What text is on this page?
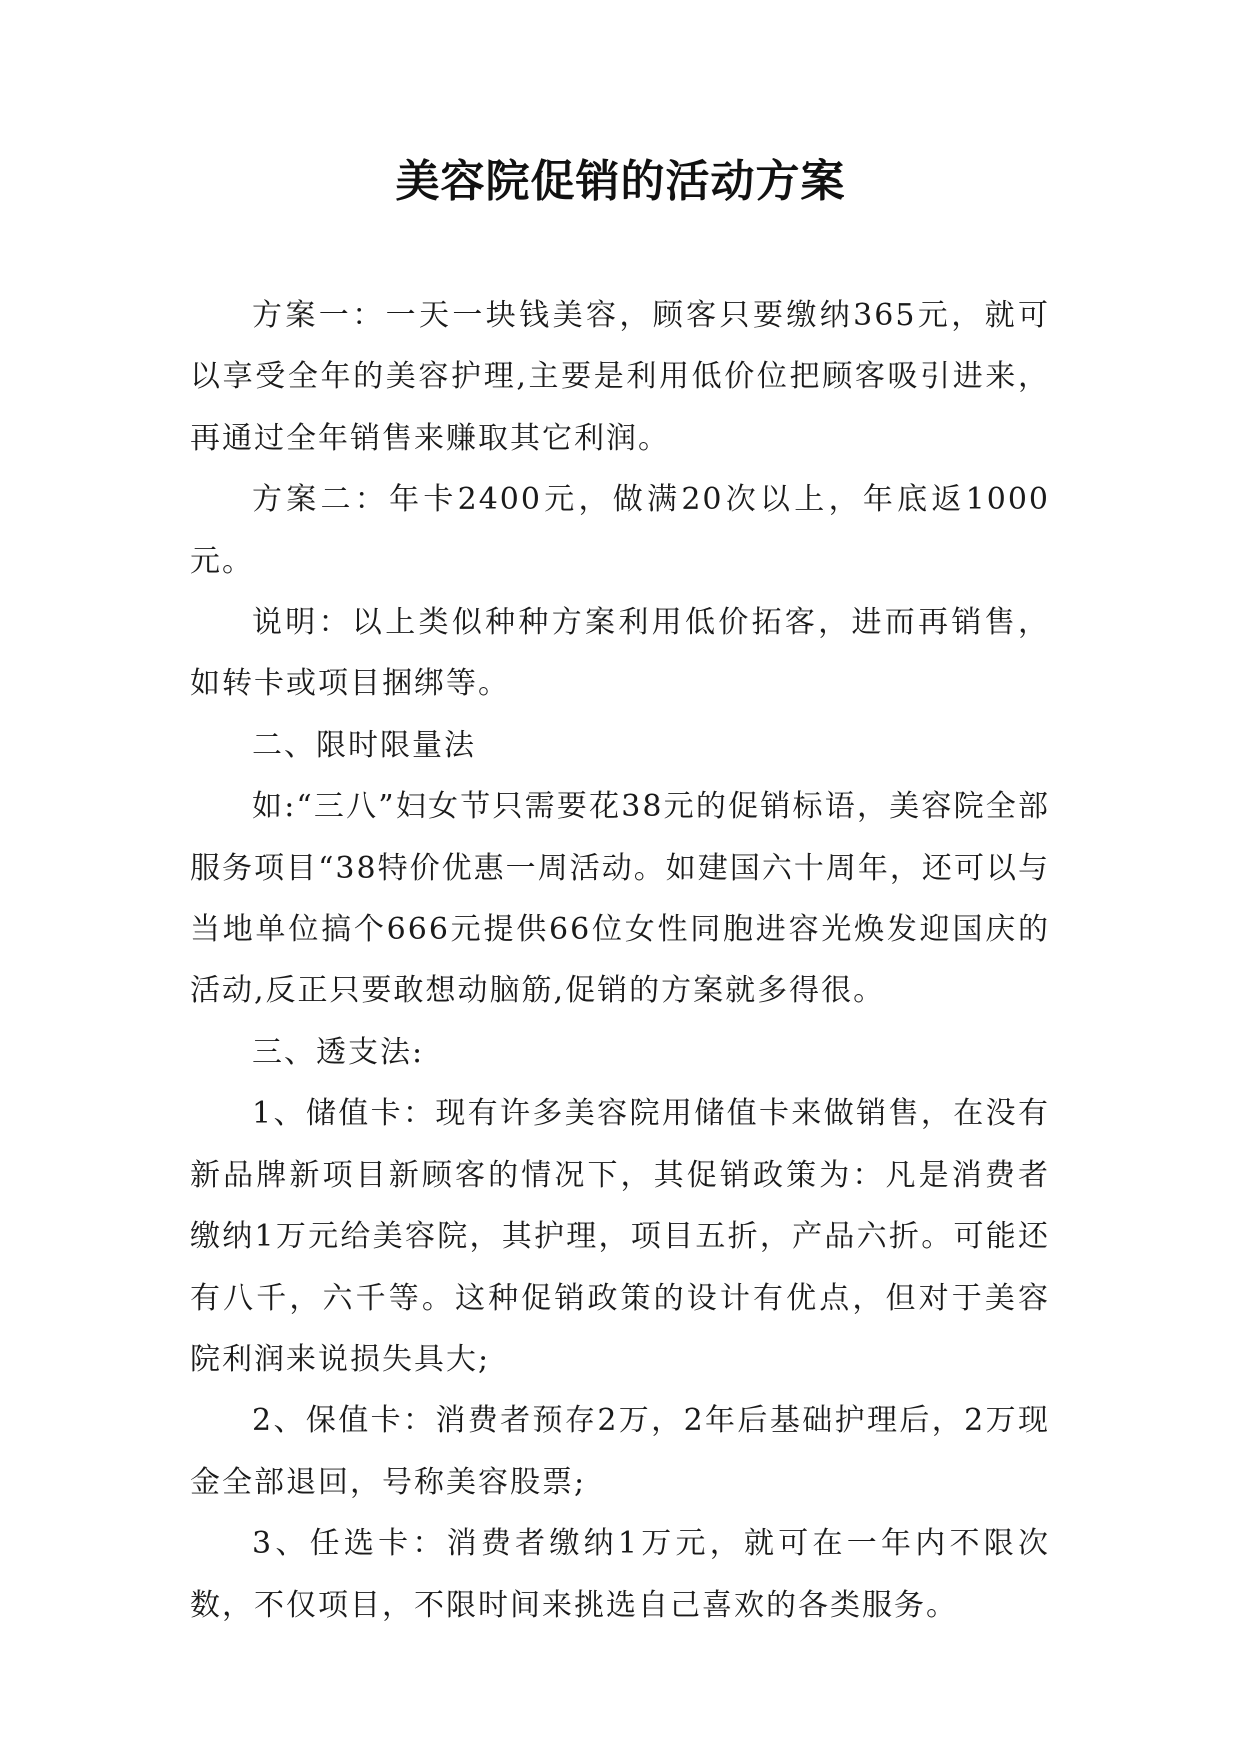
美容院促销的活动方案

方案一：一天一块钱美容，顾客只要缴纳365元，就可以享受全年的美容护理,主要是利用低价位把顾客吸引进来，再通过全年销售来赚取其它利润。

方案二：年卡2400元，做满20次以上，年底返1000元。

说明：以上类似种种方案利用低价拓客，进而再销售，如转卡或项目捆绑等。

二、限时限量法

如:“三八”妇女节只需要花38元的促销标语，美容院全部服务项目“38特价优惠一周活动。如建国六十周年，还可以与当地单位搞个666元提供66位女性同胞进容光焕发迎国庆的活动,反正只要敢想动脑筋,促销的方案就多得很。

三、透支法:

1、储值卡：现有许多美容院用储值卡来做销售，在没有新品牌新项目新顾客的情况下，其促销政策为：凡是消费者缴纳1万元给美容院，其护理，项目五折，产品六折。可能还有八千，六千等。这种促销政策的设计有优点，但对于美容院利润来说损失具大;

2、保值卡：消费者预存2万，2年后基础护理后，2万现金全部退回，号称美容股票;

3、任选卡：消费者缴纳1万元，就可在一年内不限次数，不仅项目，不限时间来挑选自己喜欢的各类服务。
